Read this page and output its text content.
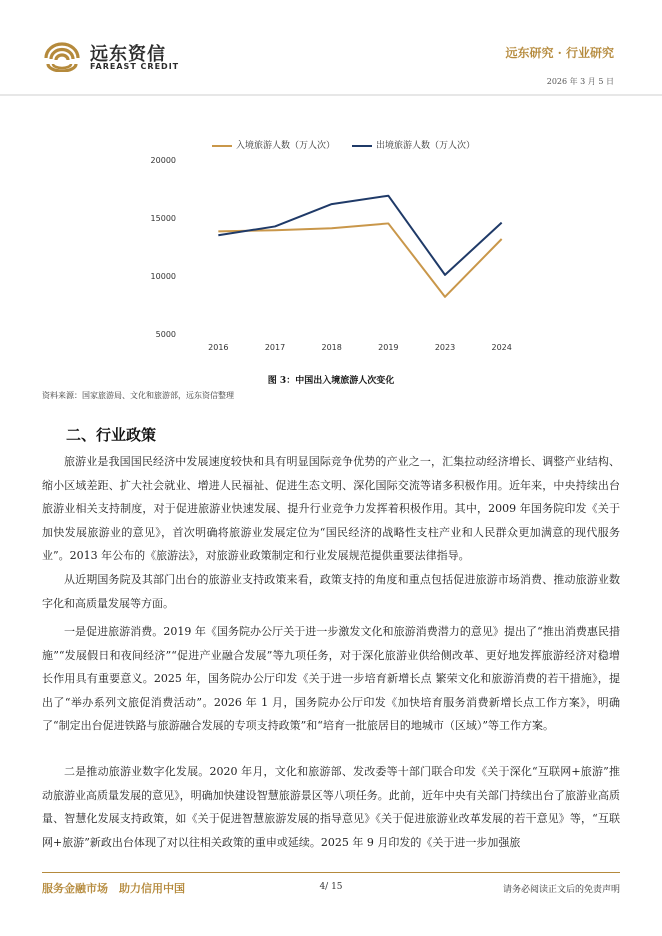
远东资信
FAREAST CREDIT
远东研究 · 行业研究
2026 年 3 月 5 日
入境旅游人数（万人次）	出境旅游人数（万人次）
20000
15000
10000
5000
2016	2017	2018	2019	2023	2024
图 3：中国出入境旅游人次变化
资料来源：国家旅游局、文化和旅游部，远东资信整理
二、行业政策

旅游业是我国国民经济中发展速度较快和具有明显国际竞争优势的产业之一，汇集拉动经济增长、调整产业结构、缩小区域差距、扩大社会就业、增进人民福祉、促进生态文明、深化国际交流等诸多积极作用。近年来，中央持续出台旅游业相关支持制度，对于促进旅游业快速发展、提升行业竞争力发挥着积极作用。其中，2009 年国务院印发《关于加快发展旅游业的意见》，首次明确将旅游业发展定位为“国民经济的战略性支柱产业和人民群众更加满意的现代服务业”。2013 年公布的《旅游法》，对旅游业政策制定和行业发展规范提供重要法律指导。

从近期国务院及其部门出台的旅游业支持政策来看，政策支持的角度和重点包括促进旅游市场消费、推动旅游业数字化和高质量发展等方面。

一是促进旅游消费。2019 年《国务院办公厅关于进一步激发文化和旅游消费潜力的意见》提出了“推出消费惠民措施”“发展假日和夜间经济”“促进产业融合发展”等九项任务，对于深化旅游业供给侧改革、更好地发挥旅游经济对稳增长作用具有重要意义。2025 年，国务院办公厅印发《关于进一步培育新增长点 繁荣文化和旅游消费的若干措施》，提出了“举办系列文旅促消费活动”。2026 年 1 月，国务院办公厅印发《加快培育服务消费新增长点工作方案》，明确了“制定出台促进铁路与旅游融合发展的专项支持政策”和“培育一批旅居目的地城市（区域）”等工作方案。

二是推动旅游业数字化发展。2020 年月，文化和旅游部、发改委等十部门联合印发《关于深化“互联网+旅游”推动旅游业高质量发展的意见》，明确加快建设智慧旅游景区等八项任务。此前，近年中央有关部门持续出台了旅游业高质量、智慧化发展支持政策，如《关于促进智慧旅游发展的指导意见》《关于促进旅游业改革发展的若干意见》等，“互联网+旅游”新政出台体现了对以往相关政策的重申或延续。2025 年 9 月印发的《关于进一步加强旅

服务金融市场　助力信用中国	4/ 15	请务必阅读正文后的免责声明
